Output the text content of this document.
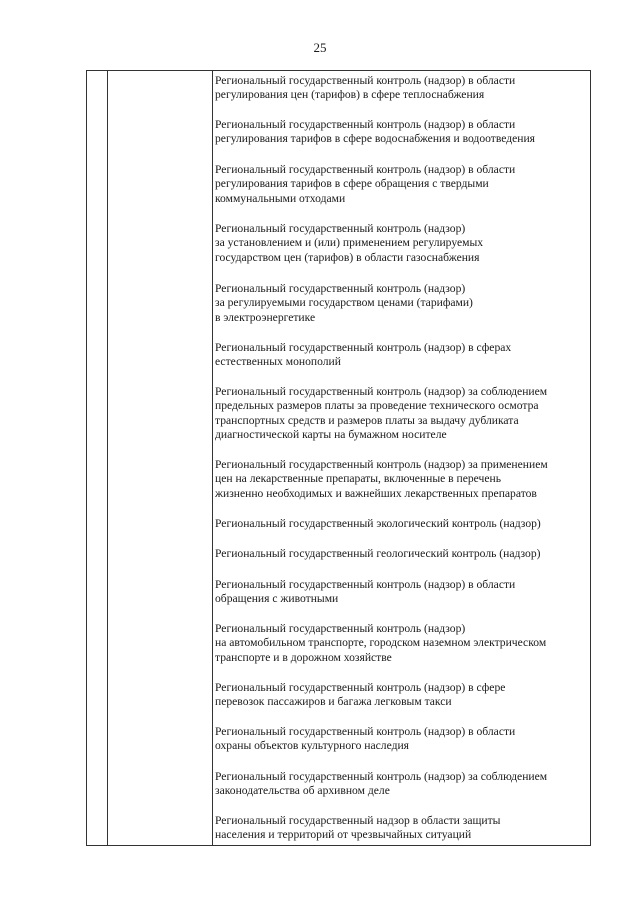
25
Региональный государственный контроль (надзор) в области
регулирования цен (тарифов) в сфере теплоснабжения
Региональный государственный контроль (надзор) в области
регулирования тарифов в сфере водоснабжения и водоотведения
Региональный государственный контроль (надзор) в области
регулирования тарифов в сфере обращения с твердыми
коммунальными отходами
Региональный государственный контроль (надзор)
за установлением и (или) применением регулируемых
государством цен (тарифов) в области газоснабжения
Региональный государственный контроль (надзор)
за регулируемыми государством ценами (тарифами)
в электроэнергетике
Региональный государственный контроль (надзор) в сферах
естественных монополий
Региональный государственный контроль (надзор) за соблюдением
предельных размеров платы за проведение технического осмотра
транспортных средств и размеров платы за выдачу дубликата
диагностической карты на бумажном носителе
Региональный государственный контроль (надзор) за применением
цен на лекарственные препараты, включенные в перечень
жизненно необходимых и важнейших лекарственных препаратов
Региональный государственный экологический контроль (надзор)
Региональный государственный геологический контроль (надзор)
Региональный государственный контроль (надзор) в области
обращения с животными
Региональный государственный контроль (надзор)
на автомобильном транспорте, городском наземном электрическом
транспорте и в дорожном хозяйстве
Региональный государственный контроль (надзор) в сфере
перевозок пассажиров и багажа легковым такси
Региональный государственный контроль (надзор) в области
охраны объектов культурного наследия
Региональный государственный контроль (надзор) за соблюдением
законодательства об архивном деле
Региональный государственный надзор в области защиты
населения и территорий от чрезвычайных ситуаций
